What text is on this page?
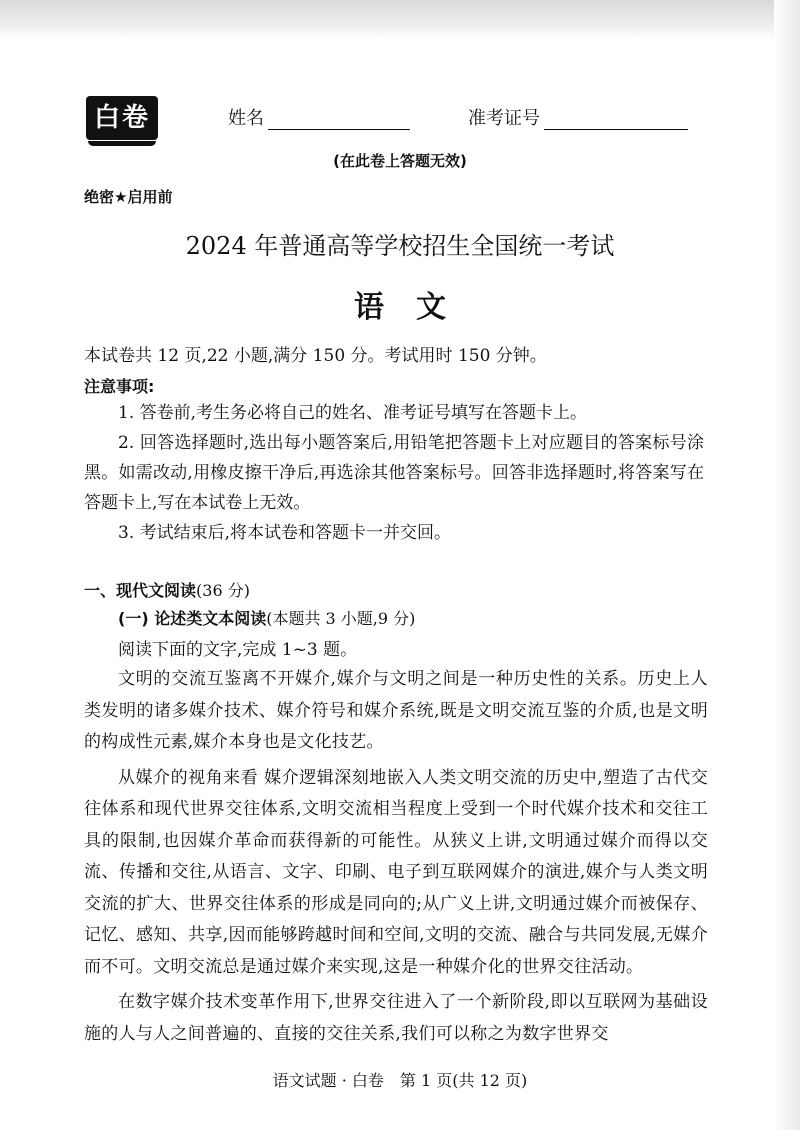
白卷	姓名	准考证号
(在此卷上答题无效)
绝密★启用前
2024 年普通高等学校招生全国统一考试
语文
本试卷共 12 页,22 小题,满分 150 分。考试用时 150 分钟。
注意事项:

1. 答卷前,考生务必将自己的姓名、准考证号填写在答题卡上。

2. 回答选择题时,选出每小题答案后,用铅笔把答题卡上对应题目的答案标号涂黑。如需改动,用橡皮擦干净后,再选涂其他答案标号。回答非选择题时,将答案写在答题卡上,写在本试卷上无效。

3. 考试结束后,将本试卷和答题卡一并交回。

一、现代文阅读(36 分)
(一) 论述类文本阅读(本题共 3 小题,9 分)
阅读下面的文字,完成 1~3 题。

文明的交流互鉴离不开媒介,媒介与文明之间是一种历史性的关系。历史上人类发明的诸多媒介技术、媒介符号和媒介系统,既是文明交流互鉴的介质,也是文明的构成性元素,媒介本身也是文化技艺。

从媒介的视角来看 媒介逻辑深刻地嵌入人类文明交流的历史中,塑造了古代交往体系和现代世界交往体系,文明交流相当程度上受到一个时代媒介技术和交往工具的限制,也因媒介革命而获得新的可能性。从狭义上讲,文明通过媒介而得以交流、传播和交往,从语言、文字、印刷、电子到互联网媒介的演进,媒介与人类文明交流的扩大、世界交往体系的形成是同向的;从广义上讲,文明通过媒介而被保存、记忆、感知、共享,因而能够跨越时间和空间,文明的交流、融合与共同发展,无媒介而不可。文明交流总是通过媒介来实现,这是一种媒介化的世界交往活动。

在数字媒介技术变革作用下,世界交往进入了一个新阶段,即以互联网为基础设施的人与人之间普遍的、直接的交往关系,我们可以称之为数字世界交

语文试题 · 白卷　第 1 页(共 12 页)
